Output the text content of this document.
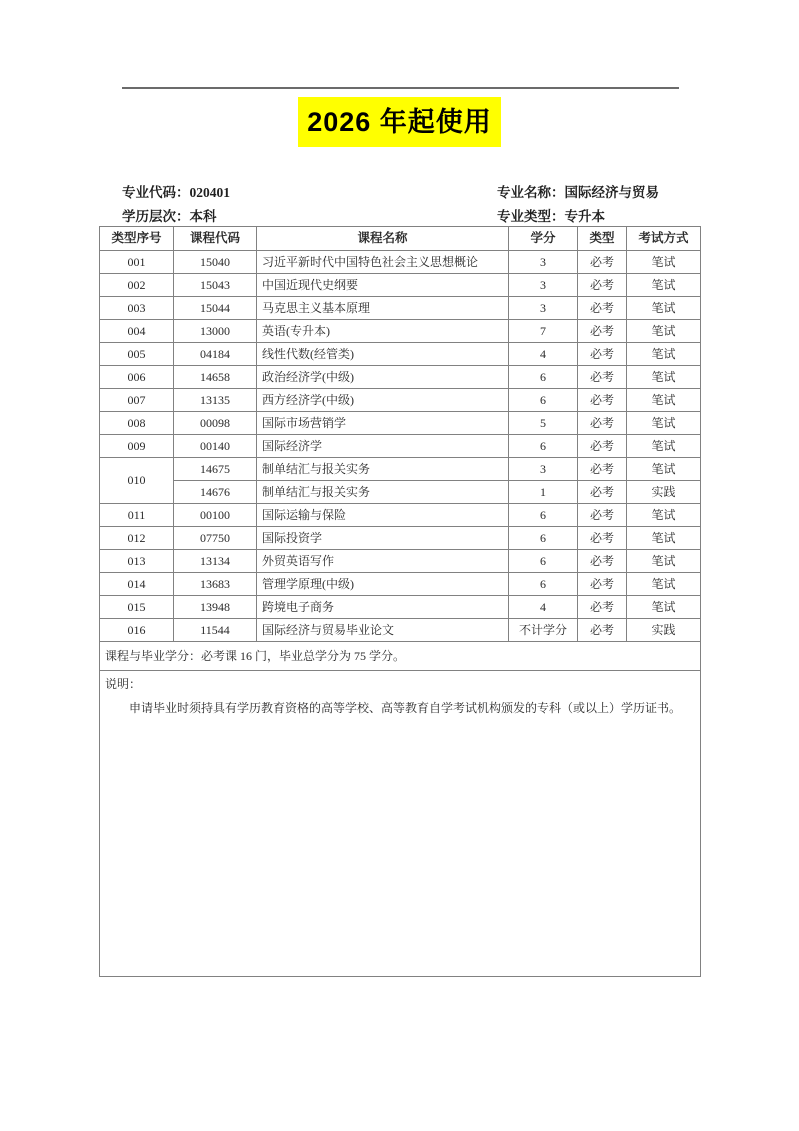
2026 年起使用
专业代码：020401	专业名称：国际经济与贸易
学历层次：本科	专业类型：专升本
类型序号	课程代码	课程名称	学分	类型	考试方式
001	15040	习近平新时代中国特色社会主义思想概论	3	必考	笔试
002	15043	中国近现代史纲要	3	必考	笔试
003	15044	马克思主义基本原理	3	必考	笔试
004	13000	英语(专升本)	7	必考	笔试
005	04184	线性代数(经管类)	4	必考	笔试
006	14658	政治经济学(中级)	6	必考	笔试
007	13135	西方经济学(中级)	6	必考	笔试
008	00098	国际市场营销学	5	必考	笔试
009	00140	国际经济学	6	必考	笔试
010	14675	制单结汇与报关实务	3	必考	笔试
	14676	制单结汇与报关实务	1	必考	实践
011	00100	国际运输与保险	6	必考	笔试
012	07750	国际投资学	6	必考	笔试
013	13134	外贸英语写作	6	必考	笔试
014	13683	管理学原理(中级)	6	必考	笔试
015	13948	跨境电子商务	4	必考	笔试
016	11544	国际经济与贸易毕业论文	不计学分	必考	实践
课程与毕业学分：必考课 16 门，毕业总学分为 75 学分。					

说明：
申请毕业时须持具有学历教育资格的高等学校、高等教育自学考试机构颁发的专科（或以上）学历证书。					
